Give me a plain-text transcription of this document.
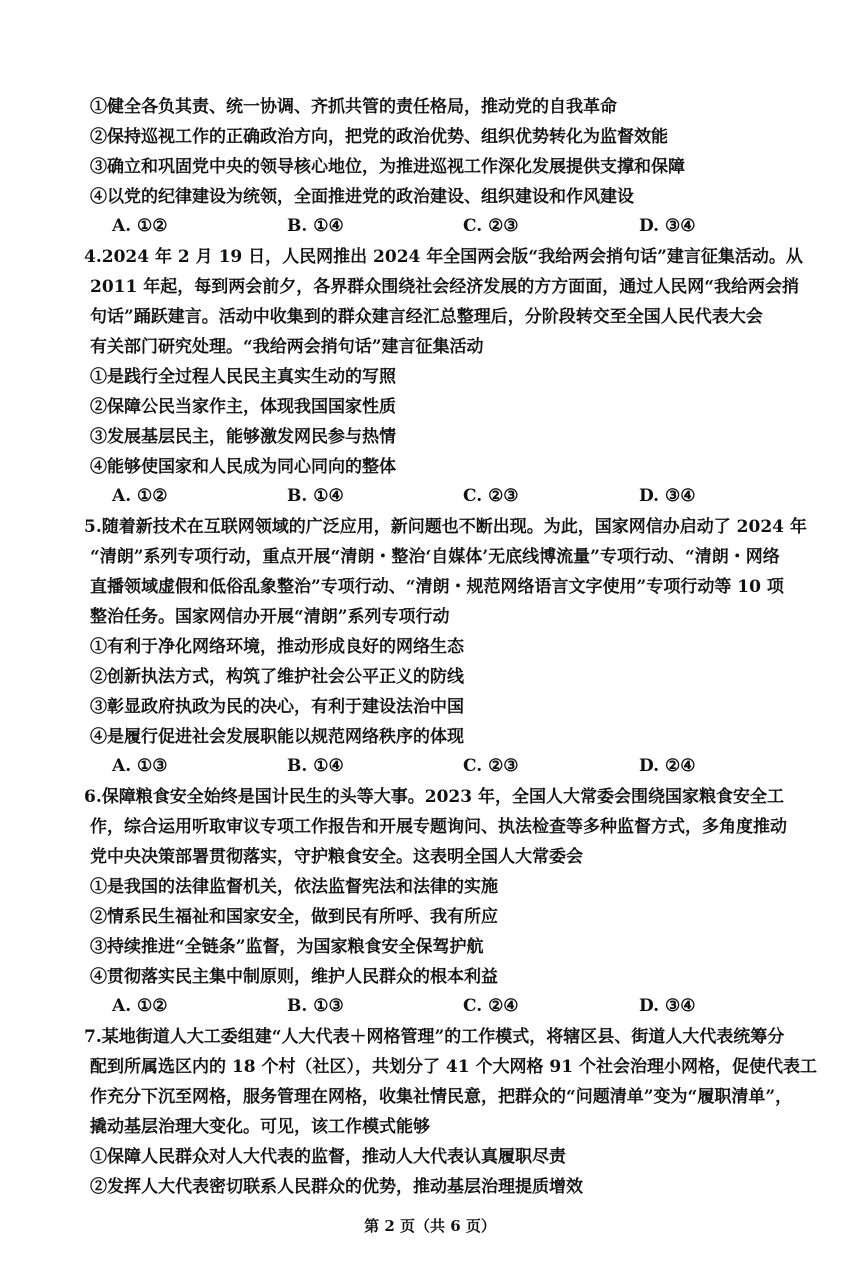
①健全各负其责、统一协调、齐抓共管的责任格局，推动党的自我革命
②保持巡视工作的正确政治方向，把党的政治优势、组织优势转化为监督效能
③确立和巩固党中央的领导核心地位，为推进巡视工作深化发展提供支撑和保障
④以党的纪律建设为统领，全面推进党的政治建设、组织建设和作风建设
A. ①②	B. ①④	C. ②③	D. ③④
4.2024 年 2 月 19 日，人民网推出 2024 年全国两会版“我给两会捎句话”建言征集活动。从
2011 年起，每到两会前夕，各界群众围绕社会经济发展的方方面面，通过人民网“我给两会捎
句话”踊跃建言。活动中收集到的群众建言经汇总整理后，分阶段转交至全国人民代表大会
有关部门研究处理。“我给两会捎句话”建言征集活动
①是践行全过程人民民主真实生动的写照
②保障公民当家作主，体现我国国家性质
③发展基层民主，能够激发网民参与热情
④能够使国家和人民成为同心同向的整体
A. ①②	B. ①④	C. ②③	D. ③④
5.随着新技术在互联网领域的广泛应用，新问题也不断出现。为此，国家网信办启动了 2024 年
“清朗”系列专项行动，重点开展“清朗・整治‘自媒体’无底线博流量”专项行动、“清朗・网络
直播领域虚假和低俗乱象整治”专项行动、“清朗・规范网络语言文字使用”专项行动等 10 项
整治任务。国家网信办开展“清朗”系列专项行动
①有利于净化网络环境，推动形成良好的网络生态
②创新执法方式，构筑了维护社会公平正义的防线
③彰显政府执政为民的决心，有利于建设法治中国
④是履行促进社会发展职能以规范网络秩序的体现
A. ①③	B. ①④	C. ②③	D. ②④
6.保障粮食安全始终是国计民生的头等大事。2023 年，全国人大常委会围绕国家粮食安全工
作，综合运用听取审议专项工作报告和开展专题询问、执法检查等多种监督方式，多角度推动
党中央决策部署贯彻落实，守护粮食安全。这表明全国人大常委会
①是我国的法律监督机关，依法监督宪法和法律的实施
②情系民生福祉和国家安全，做到民有所呼、我有所应
③持续推进“全链条”监督，为国家粮食安全保驾护航
④贯彻落实民主集中制原则，维护人民群众的根本利益
A. ①②	B. ①③	C. ②④	D. ③④
7.某地街道人大工委组建“人大代表＋网格管理”的工作模式，将辖区县、街道人大代表统筹分
配到所属选区内的 18 个村（社区），共划分了 41 个大网格 91 个社会治理小网格，促使代表工
作充分下沉至网格，服务管理在网格，收集社情民意，把群众的“问题清单”变为“履职清单”，
撬动基层治理大变化。可见，该工作模式能够
①保障人民群众对人大代表的监督，推动人大代表认真履职尽责
②发挥人大代表密切联系人民群众的优势，推动基层治理提质增效
第 2 页（共 6 页）
